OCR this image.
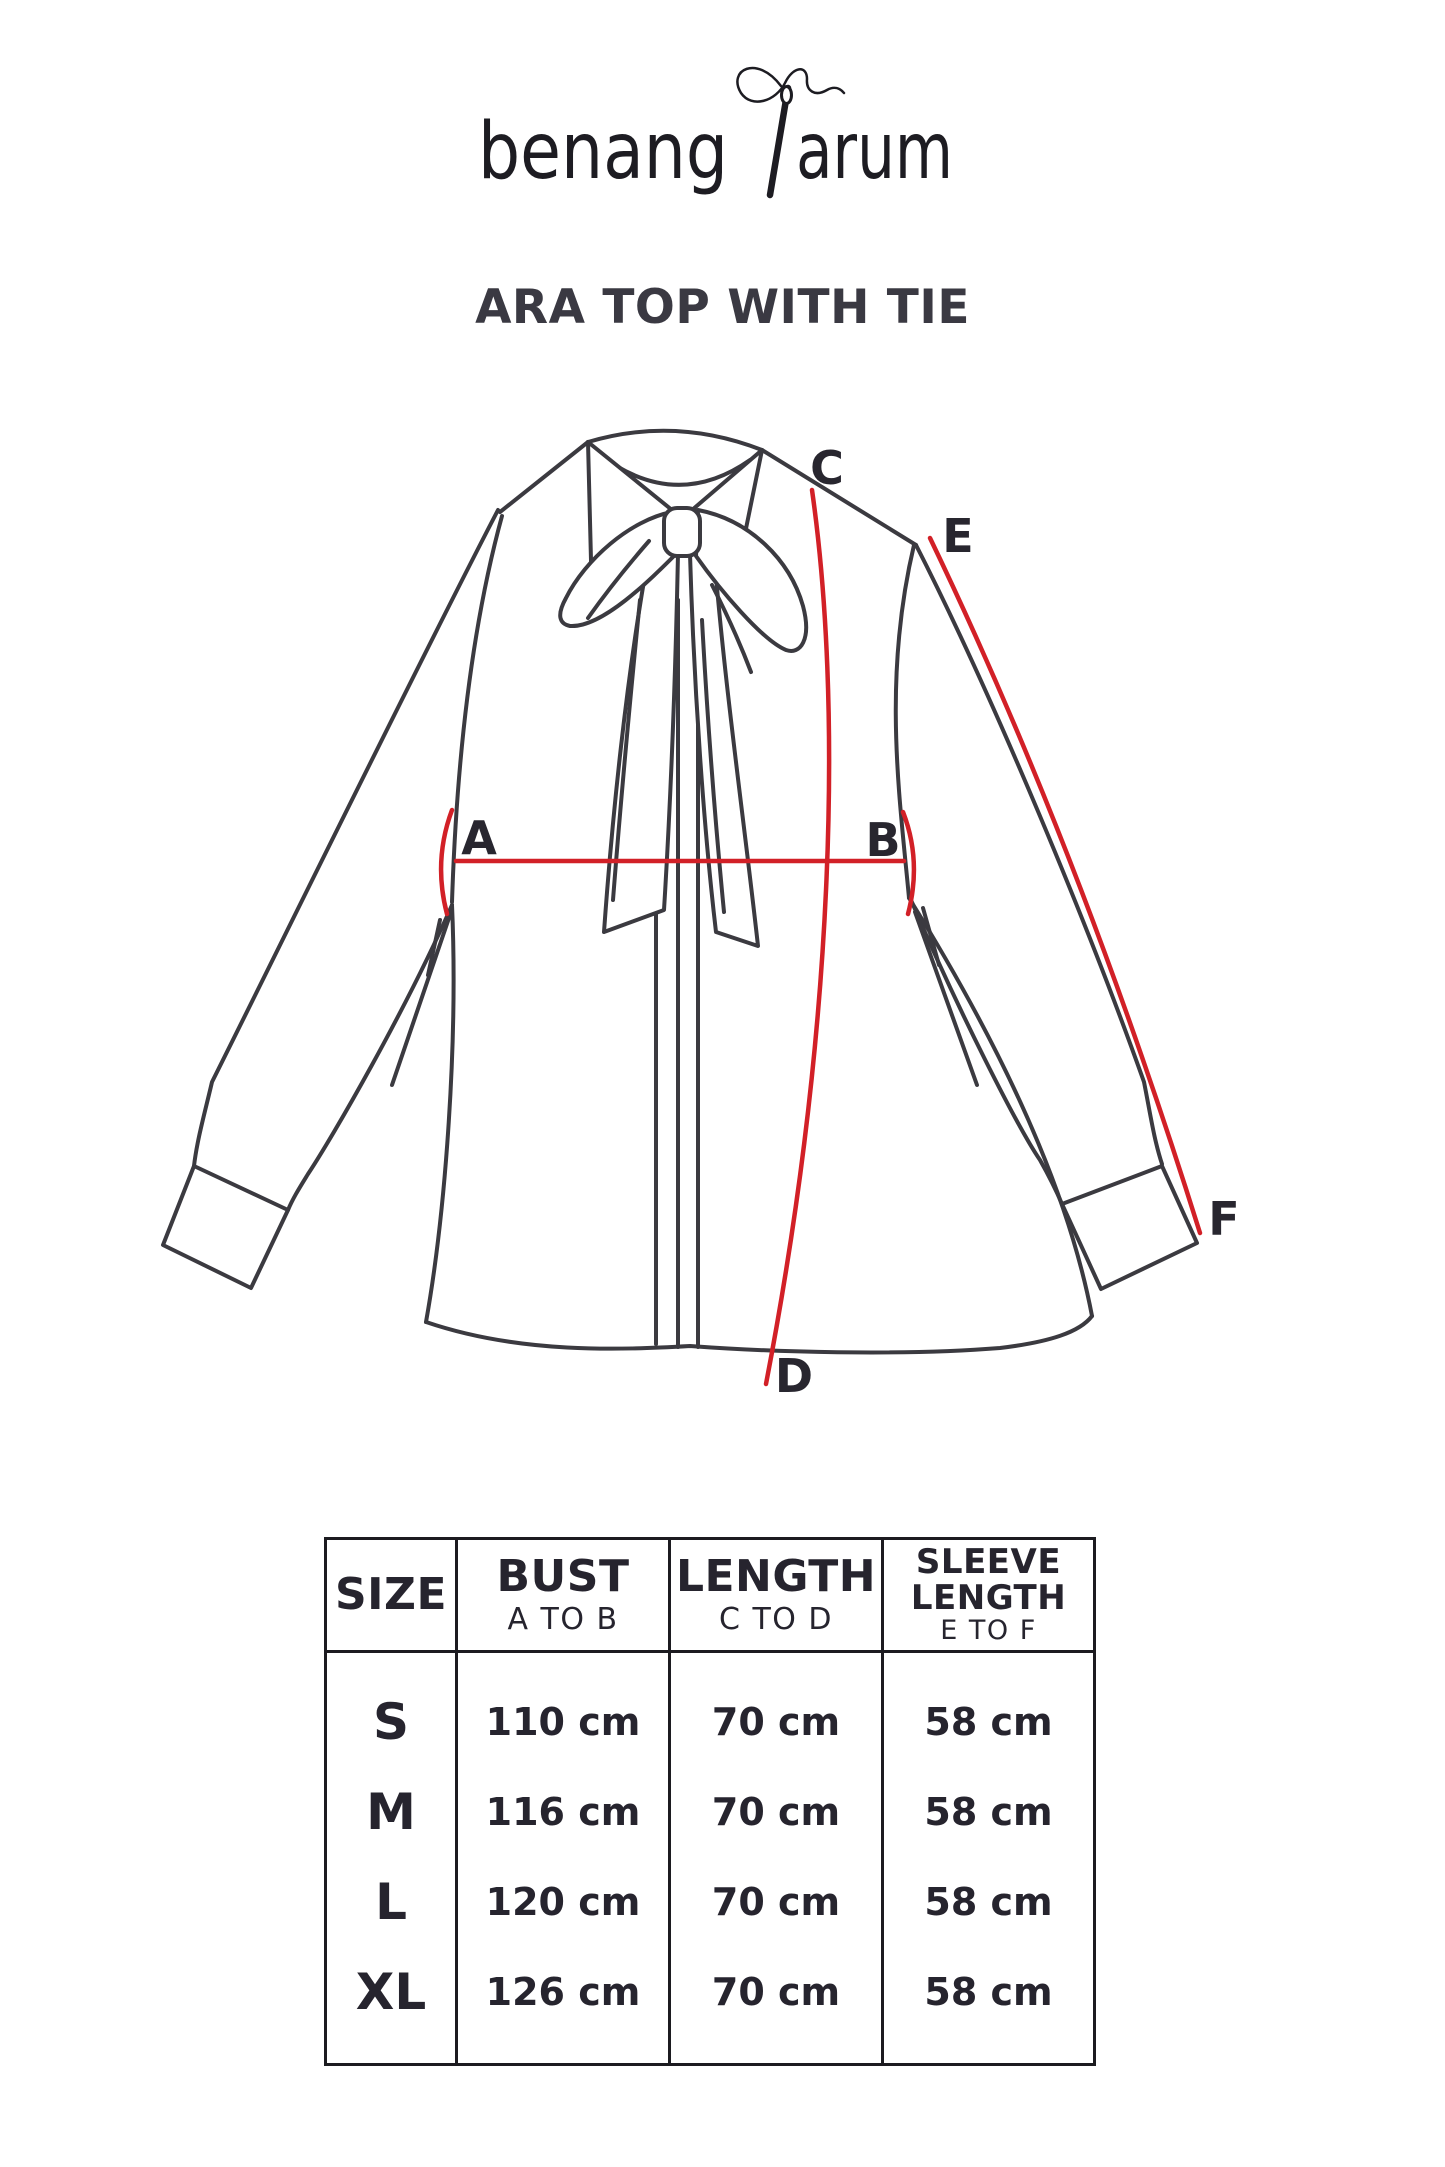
benang arum
ARA TOP WITH TIE
A	B
C
D
E
F
SIZE BUST
A TO B
LENGTH
C TO D
SLEEVE LENGTH
E TO F
S
M
L
XL
110 cm
116 cm
120 cm
126 cm
70 cm
70 cm
70 cm
70 cm
58 cm
58 cm
58 cm
58 cm
